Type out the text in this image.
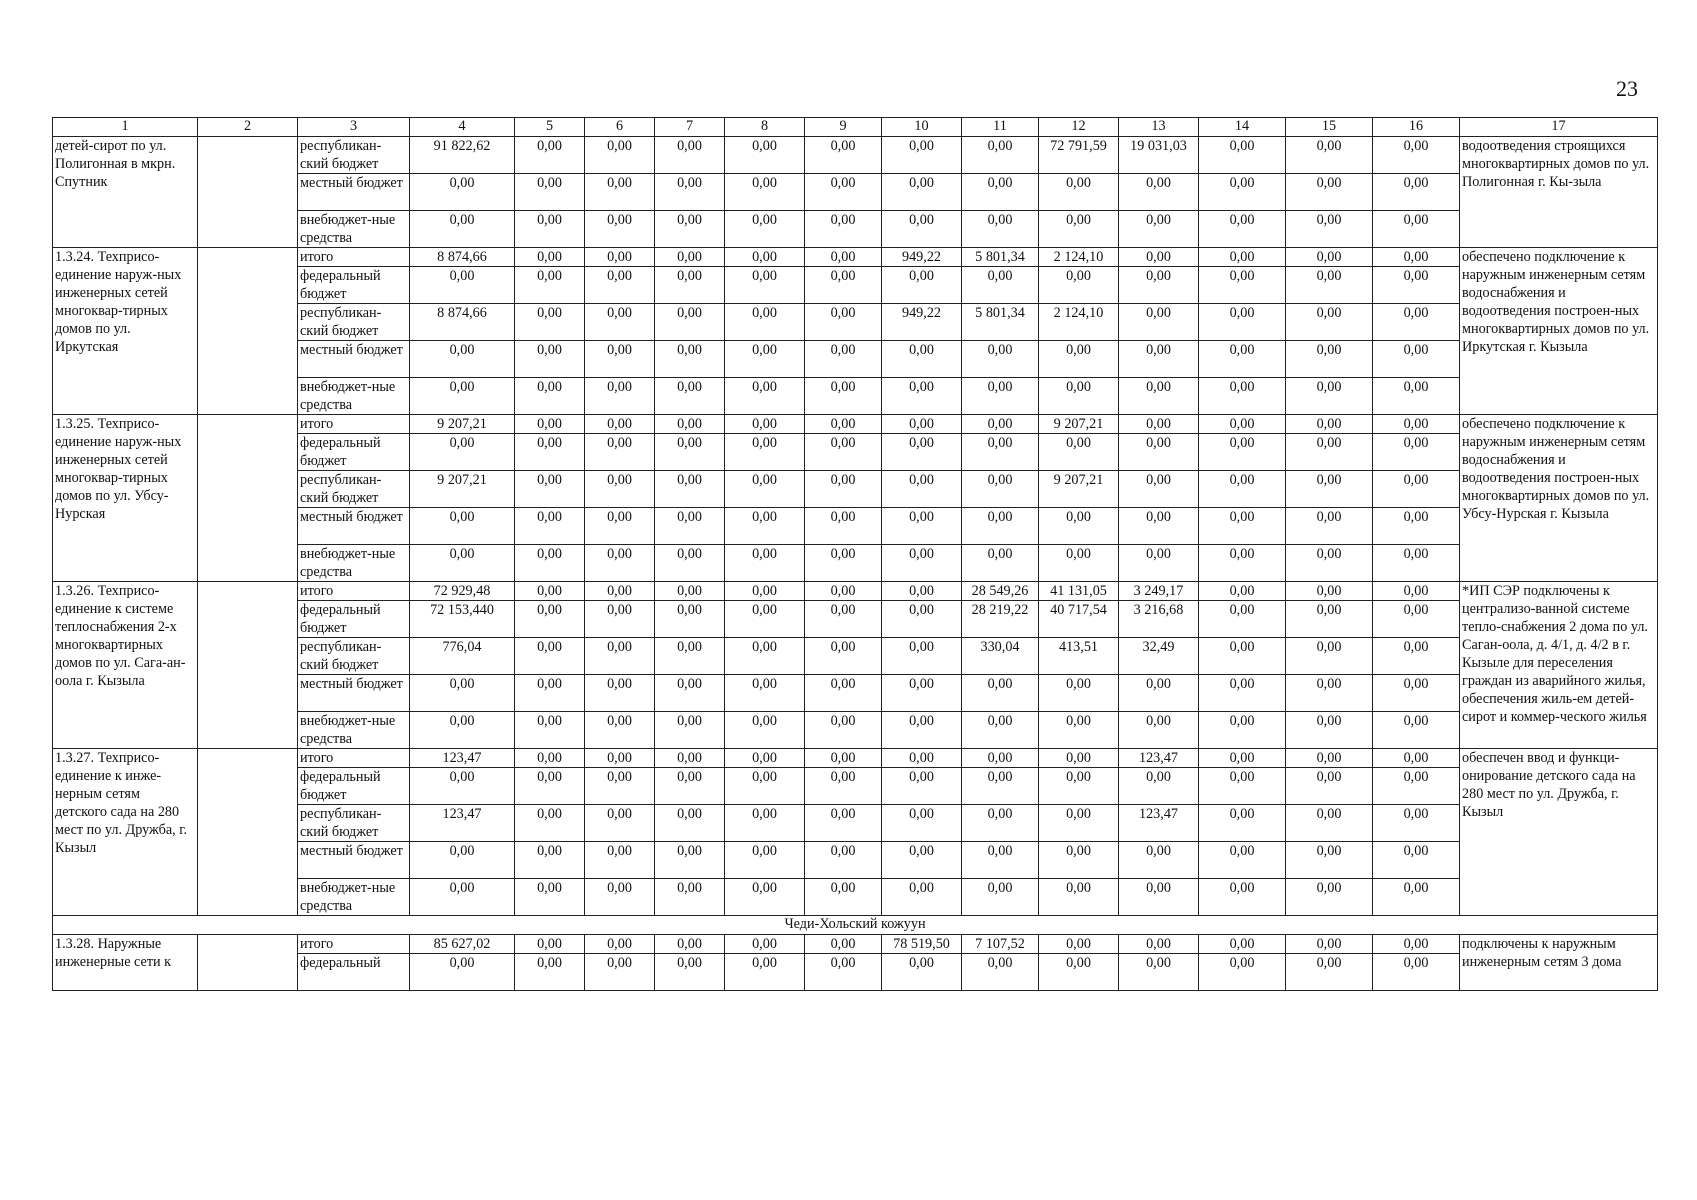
23
1	2	3	4	5	6	7	8	9	10	11	12	13	14	15	16	17
детей-сирот по ул. Полигонная в мкрн. Спутник		республикан-ский бюджет	91 822,62	0,00	0,00	0,00	0,00	0,00	0,00	0,00	72 791,59	19 031,03	0,00	0,00	0,00	водоотведения строящихся многоквартирных домов по ул. Полигонная г. Кы-зыла
		местный бюджет	0,00	0,00	0,00	0,00	0,00	0,00	0,00	0,00	0,00	0,00	0,00	0,00	0,00	
		внебюджет-ные средства	0,00	0,00	0,00	0,00	0,00	0,00	0,00	0,00	0,00	0,00	0,00	0,00	0,00	
1.3.24. Техприсо-единение наруж-ных инженерных сетей многоквар-тирных домов по ул. Иркутская		итого	8 874,66	0,00	0,00	0,00	0,00	0,00	949,22	5 801,34	2 124,10	0,00	0,00	0,00	0,00	обеспечено подключение к наружным инженерным сетям водоснабжения и водоотведения построен-ных многоквартирных домов по ул. Иркутская г. Кызыла
		федеральный бюджет	0,00	0,00	0,00	0,00	0,00	0,00	0,00	0,00	0,00	0,00	0,00	0,00	0,00	
		республикан-ский бюджет	8 874,66	0,00	0,00	0,00	0,00	0,00	949,22	5 801,34	2 124,10	0,00	0,00	0,00	0,00	
		местный бюджет	0,00	0,00	0,00	0,00	0,00	0,00	0,00	0,00	0,00	0,00	0,00	0,00	0,00	
		внебюджет-ные средства	0,00	0,00	0,00	0,00	0,00	0,00	0,00	0,00	0,00	0,00	0,00	0,00	0,00	
1.3.25. Техприсо-единение наруж-ных инженерных сетей многоквар-тирных домов по ул. Убсу-Нурская		итого	9 207,21	0,00	0,00	0,00	0,00	0,00	0,00	0,00	9 207,21	0,00	0,00	0,00	0,00	обеспечено подключение к наружным инженерным сетям водоснабжения и водоотведения построен-ных многоквартирных домов по ул. Убсу-Нурская г. Кызыла
		федеральный бюджет	0,00	0,00	0,00	0,00	0,00	0,00	0,00	0,00	0,00	0,00	0,00	0,00	0,00	
		республикан-ский бюджет	9 207,21	0,00	0,00	0,00	0,00	0,00	0,00	0,00	9 207,21	0,00	0,00	0,00	0,00	
		местный бюджет	0,00	0,00	0,00	0,00	0,00	0,00	0,00	0,00	0,00	0,00	0,00	0,00	0,00	
		внебюджет-ные средства	0,00	0,00	0,00	0,00	0,00	0,00	0,00	0,00	0,00	0,00	0,00	0,00	0,00	
1.3.26. Техприсо-единение к системе теплоснабжения 2-х многоквартирных домов по ул. Сага-ан-оола г. Кызыла		итого	72 929,48	0,00	0,00	0,00	0,00	0,00	0,00	28 549,26	41 131,05	3 249,17	0,00	0,00	0,00	*ИП СЭР подключены к централизо-ванной системе тепло-снабжения 2 дома по ул. Саган-оола, д. 4/1, д. 4/2 в г. Кызыле для переселения граждан из аварийного жилья, обеспечения жиль-ем детей-сирот и коммер-ческого жилья
		федеральный бюджет	72 153,440	0,00	0,00	0,00	0,00	0,00	0,00	28 219,22	40 717,54	3 216,68	0,00	0,00	0,00	
		республикан-ский бюджет	776,04	0,00	0,00	0,00	0,00	0,00	0,00	330,04	413,51	32,49	0,00	0,00	0,00	
		местный бюджет	0,00	0,00	0,00	0,00	0,00	0,00	0,00	0,00	0,00	0,00	0,00	0,00	0,00	
		внебюджет-ные средства	0,00	0,00	0,00	0,00	0,00	0,00	0,00	0,00	0,00	0,00	0,00	0,00	0,00	
1.3.27. Техприсо-единение к инже-нерным сетям детского сада на 280 мест по ул. Дружба, г. Кызыл		итого	123,47	0,00	0,00	0,00	0,00	0,00	0,00	0,00	0,00	123,47	0,00	0,00	0,00	обеспечен ввод и функци-онирование детского сада на 280 мест по ул. Дружба, г. Кызыл
		федеральный бюджет	0,00	0,00	0,00	0,00	0,00	0,00	0,00	0,00	0,00	0,00	0,00	0,00	0,00	
		республикан-ский бюджет	123,47	0,00	0,00	0,00	0,00	0,00	0,00	0,00	0,00	123,47	0,00	0,00	0,00	
		местный бюджет	0,00	0,00	0,00	0,00	0,00	0,00	0,00	0,00	0,00	0,00	0,00	0,00	0,00	
		внебюджет-ные средства	0,00	0,00	0,00	0,00	0,00	0,00	0,00	0,00	0,00	0,00	0,00	0,00	0,00	
Чеди-Хольский кожуун																
1.3.28. Наружные инженерные сети к		итого	85 627,02	0,00	0,00	0,00	0,00	0,00	78 519,50	7 107,52	0,00	0,00	0,00	0,00	0,00	подключены к наружным инженерным сетям 3 дома
		федеральный	0,00	0,00	0,00	0,00	0,00	0,00	0,00	0,00	0,00	0,00	0,00	0,00	0,00	
